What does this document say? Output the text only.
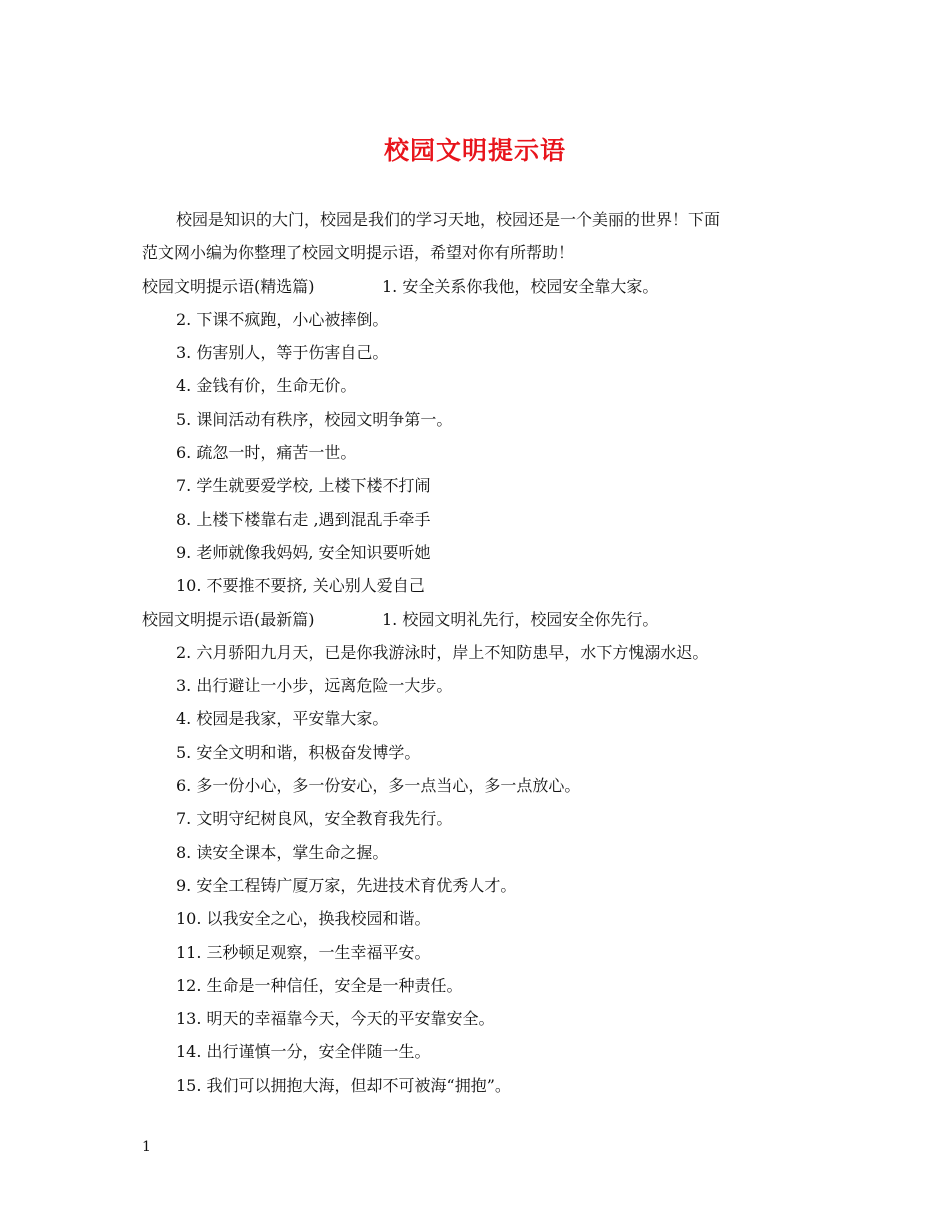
校园文明提示语
校园是知识的大门，校园是我们的学习天地，校园还是一个美丽的世界！下面
范文网小编为你整理了校园文明提示语，希望对你有所帮助！
校园文明提示语(精选篇)	1. 安全关系你我他，校园安全靠大家。
2. 下课不疯跑，小心被摔倒。
3. 伤害别人，等于伤害自己。
4. 金钱有价，生命无价。
5. 课间活动有秩序，校园文明争第一。
6. 疏忽一时，痛苦一世。
7. 学生就要爱学校, 上楼下楼不打闹
8. 上楼下楼靠右走 ,遇到混乱手牵手
9. 老师就像我妈妈, 安全知识要听她
10. 不要推不要挤, 关心别人爱自己
校园文明提示语(最新篇)	1. 校园文明礼先行，校园安全你先行。
2. 六月骄阳九月天，已是你我游泳时，岸上不知防患早，水下方愧溺水迟。
3. 出行避让一小步，远离危险一大步。
4. 校园是我家，平安靠大家。
5. 安全文明和谐，积极奋发博学。
6. 多一份小心，多一份安心，多一点当心，多一点放心。
7. 文明守纪树良风，安全教育我先行。
8. 读安全课本，掌生命之握。
9. 安全工程铸广厦万家，先进技术育优秀人才。
10. 以我安全之心，换我校园和谐。
11. 三秒顿足观察，一生幸福平安。
12. 生命是一种信任，安全是一种责任。
13. 明天的幸福靠今天，今天的平安靠安全。
14. 出行谨慎一分，安全伴随一生。
15. 我们可以拥抱大海，但却不可被海“拥抱”。
1
